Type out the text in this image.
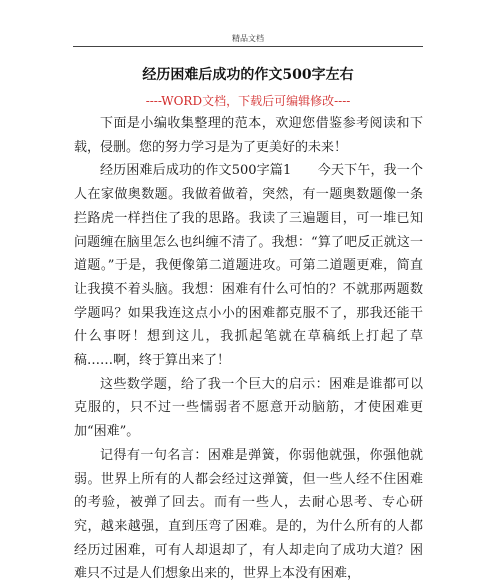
精品文档
经历困难后成功的作文500字左右
----WORD文档，下载后可编辑修改----

下面是小编收集整理的范本，欢迎您借鉴参考阅读和下载，侵删。您的努力学习是为了更美好的未来！

经历困难后成功的作文500字篇1　　今天下午，我一个人在家做奥数题。我做着做着，突然，有一题奥数题像一条拦路虎一样挡住了我的思路。我读了三遍题目，可一堆已知问题缠在脑里怎么也纠缠不清了。我想：“算了吧反正就这一道题。”于是，我便像第二道题进攻。可第二道题更难，简直让我摸不着头脑。我想：困难有什么可怕的？不就那两题数学题吗？如果我连这点小小的困难都克服不了，那我还能干什么事呀！想到这儿，我抓起笔就在草稿纸上打起了草稿……啊，终于算出来了！

这些数学题，给了我一个巨大的启示：困难是谁都可以克服的，只不过一些懦弱者不愿意开动脑筋，才使困难更加“困难”。

记得有一句名言：困难是弹簧，你弱他就强，你强他就弱。世界上所有的人都会经过这弹簧，但一些人经不住困难的考验，被弹了回去。而有一些人，去耐心思考、专心研究，越来越强，直到压弯了困难。是的，为什么所有的人都经历过困难，可有人却退却了，有人却走向了成功大道？困难只不过是人们想象出来的，世界上本没有困难，
